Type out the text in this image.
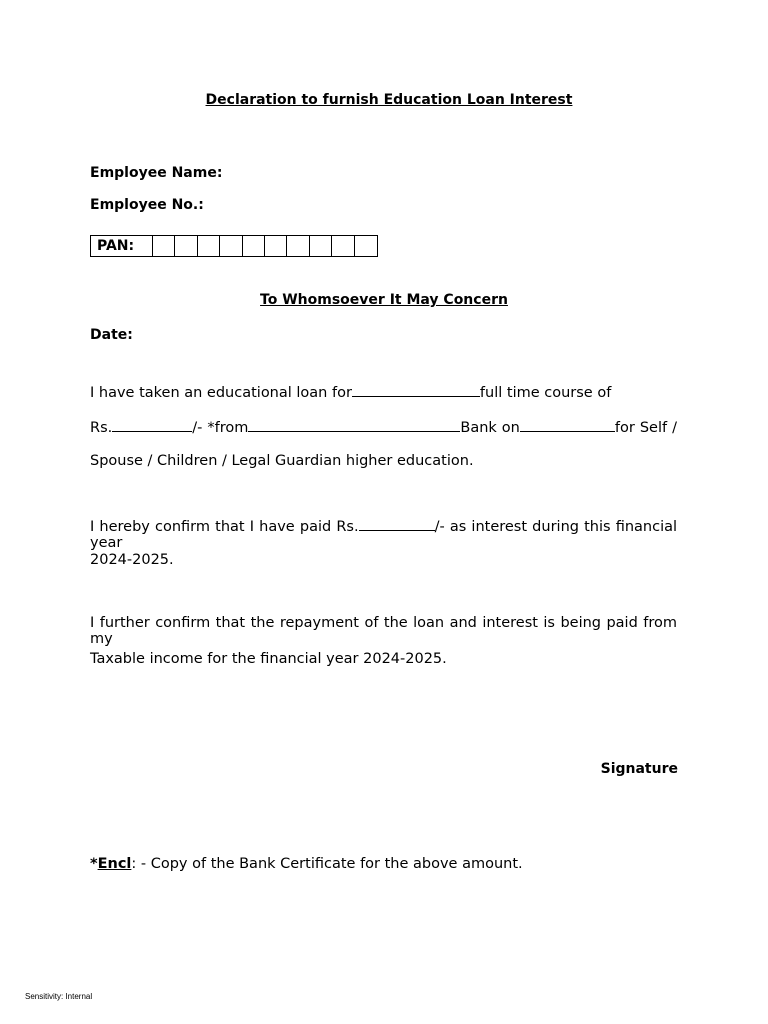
Declaration to furnish Education Loan Interest
Employee Name:
Employee No.:
PAN:
To Whomsoever It May Concern
Date:
I have taken an educational loan for	full time course of
Rs.	/- *from	Bank on	for Self /
Spouse / Children / Legal Guardian higher education.
I hereby confirm that I have paid Rs.	/- as interest during this financial year
2024-2025.
I further confirm that the repayment of the loan and interest is being paid from my
Taxable income for the financial year 2024-2025.
Signature
*Encl: - Copy of the Bank Certificate for the above amount.
Sensitivity: Internal
